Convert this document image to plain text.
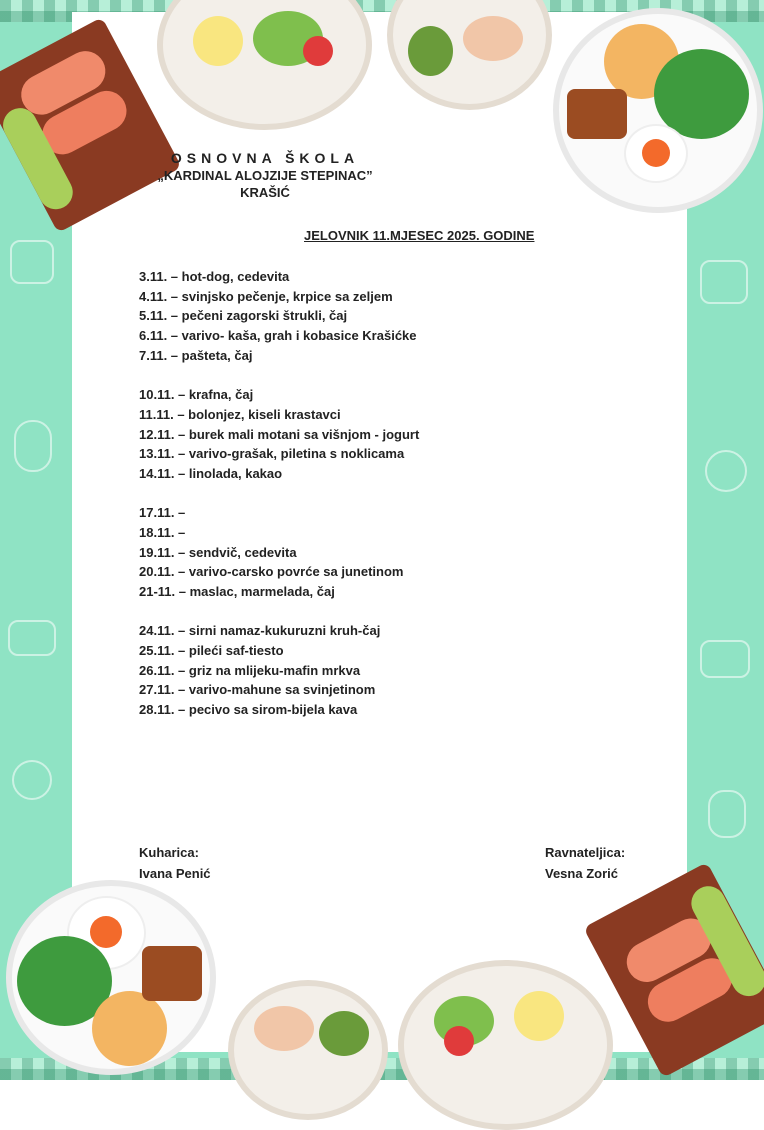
OSNOVNA ŠKOLA
„KARDINAL ALOJZIJE STEPINAC”
KRAŠIĆ
JELOVNIK 11.MJESEC 2025. GODINE
3.11. – hot-dog, cedevita
4.11. – svinjsko pečenje, krpice sa zeljem
5.11. – pečeni zagorski štrukli, čaj
6.11. – varivo- kaša, grah i kobasice Krašićke
7.11. – pašteta, čaj
10.11. – krafna, čaj
11.11. – bolonjez, kiseli krastavci
12.11. – burek mali motani sa višnjom - jogurt
13.11. – varivo-grašak, piletina s noklicama
14.11. – linolada, kakao
17.11. –
18.11. –
19.11. – sendvič, cedevita
20.11. – varivo-carsko povrće sa junetinom
21-11. – maslac, marmelada, čaj
24.11. – sirni namaz-kukuruzni kruh-čaj
25.11. – pileći saf-tiesto
26.11. – griz na mlijeku-mafin mrkva
27.11. – varivo-mahune sa svinjetinom
28.11. – pecivo sa sirom-bijela kava
Kuharica:
Ivana Penić
Ravnateljica:
Vesna Zorić
